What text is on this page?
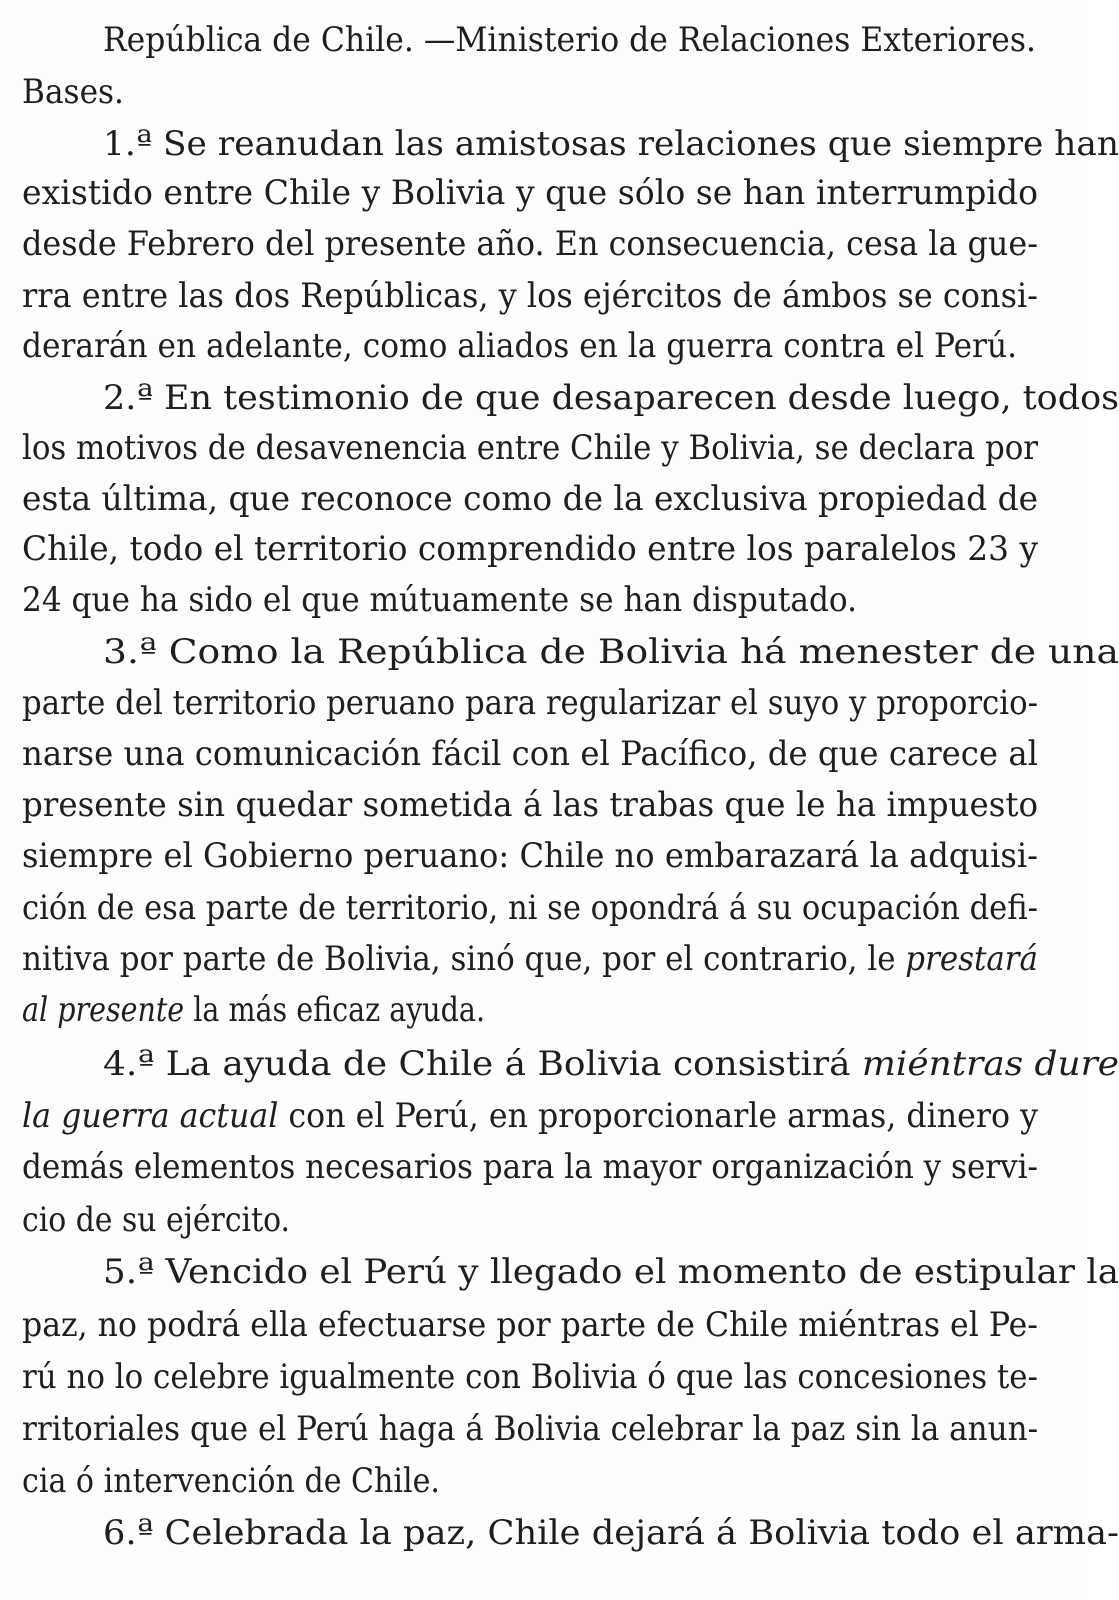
República de Chile. —Ministerio de Relaciones Exteriores.
Bases.
1.ª Se reanudan las amistosas relaciones que siempre han
existido entre Chile y Bolivia y que sólo se han interrumpido
desde Febrero del presente año. En consecuencia, cesa la gue-
rra entre las dos Repúblicas, y los ejércitos de ámbos se consi-
derarán en adelante, como aliados en la guerra contra el Perú.
2.ª En testimonio de que desaparecen desde luego, todos
los motivos de desavenencia entre Chile y Bolivia, se declara por
esta última, que reconoce como de la exclusiva propiedad de
Chile, todo el territorio comprendido entre los paralelos 23 y
24 que ha sido el que mútuamente se han disputado.
3.ª Como la República de Bolivia há menester de una
parte del territorio peruano para regularizar el suyo y proporcio-
narse una comunicación fácil con el Pacífico, de que carece al
presente sin quedar sometida á las trabas que le ha impuesto
siempre el Gobierno peruano: Chile no embarazará la adquisi-
ción de esa parte de territorio, ni se opondrá á su ocupación defi-
nitiva por parte de Bolivia, sinó que, por el contrario, le prestará
al presente la más eficaz ayuda.
4.ª La ayuda de Chile á Bolivia consistirá miéntras dure
la guerra actual con el Perú, en proporcionarle armas, dinero y
demás elementos necesarios para la mayor organización y servi-
cio de su ejército.
5.ª Vencido el Perú y llegado el momento de estipular la
paz, no podrá ella efectuarse por parte de Chile miéntras el Pe-
rú no lo celebre igualmente con Bolivia ó que las concesiones te-
rritoriales que el Perú haga á Bolivia celebrar la paz sin la anun-
cia ó intervención de Chile.
6.ª Celebrada la paz, Chile dejará á Bolivia todo el arma-
